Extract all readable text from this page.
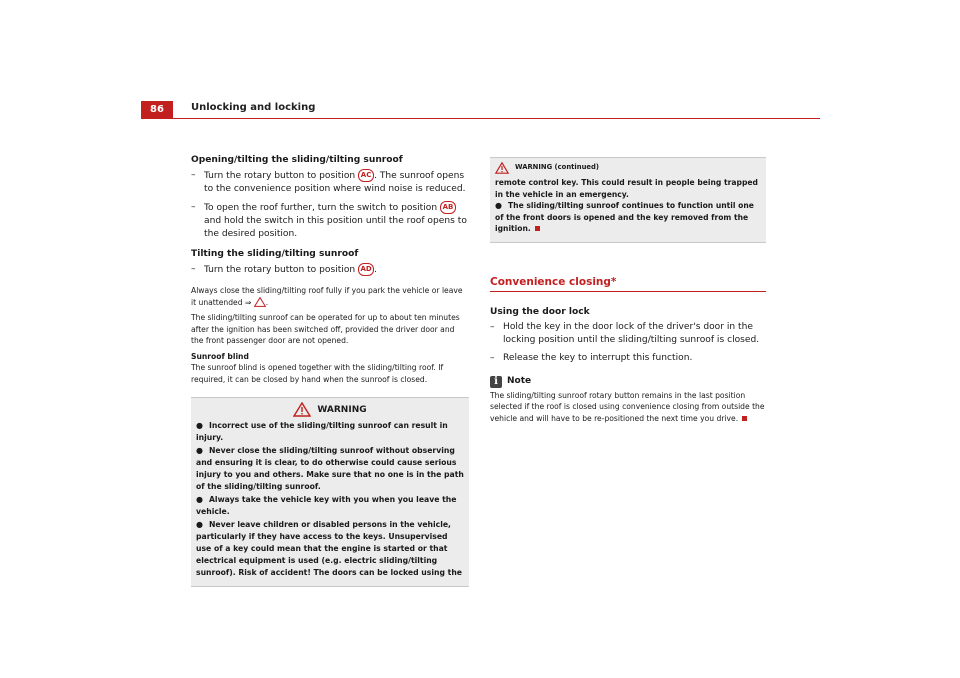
86	Unlocking and locking
Opening/tilting the sliding/tilting sunroof
– Turn the rotary button to position AC . The sunroof opens to the convenience position where wind noise is reduced.
– To open the roof further, turn the switch to position AB and hold the switch in this position until the roof opens to the desired position.
Tilting the sliding/tilting sunroof
– Turn the rotary button to position AD .
Always close the sliding/tilting roof fully if you park the vehicle or leave it unattended ⇒ .
The sliding/tilting sunroof can be operated for up to about ten minutes after the ignition has been switched off, provided the driver door and the front passenger door are not opened.
Sunroof blind
The sunroof blind is opened together with the sliding/tilting roof. If required, it can be closed by hand when the sunroof is closed.
WARNING
● Incorrect use of the sliding/tilting sunroof can result in injury.
● Never close the sliding/tilting sunroof without observing and ensuring it is clear, to do otherwise could cause serious injury to you and others. Make sure that no one is in the path of the sliding/tilting sunroof.
● Always take the vehicle key with you when you leave the vehicle.
● Never leave children or disabled persons in the vehicle, particularly if they have access to the keys. Unsupervised use of a key could mean that the engine is started or that electrical equipment is used (e.g. electric sliding/tilting sunroof). Risk of accident! The doors can be locked using the
WARNING (continued)
remote control key. This could result in people being trapped in the vehicle in an emergency.
● The sliding/tilting sunroof continues to function until one of the front doors is opened and the key removed from the ignition.
Convenience closing*
Using the door lock
– Hold the key in the door lock of the driver's door in the locking position until the sliding/tilting sunroof is closed.
– Release the key to interrupt this function.
i	Note
The sliding/tilting sunroof rotary button remains in the last position selected if the roof is closed using convenience closing from outside the vehicle and will have to be re-positioned the next time you drive.
